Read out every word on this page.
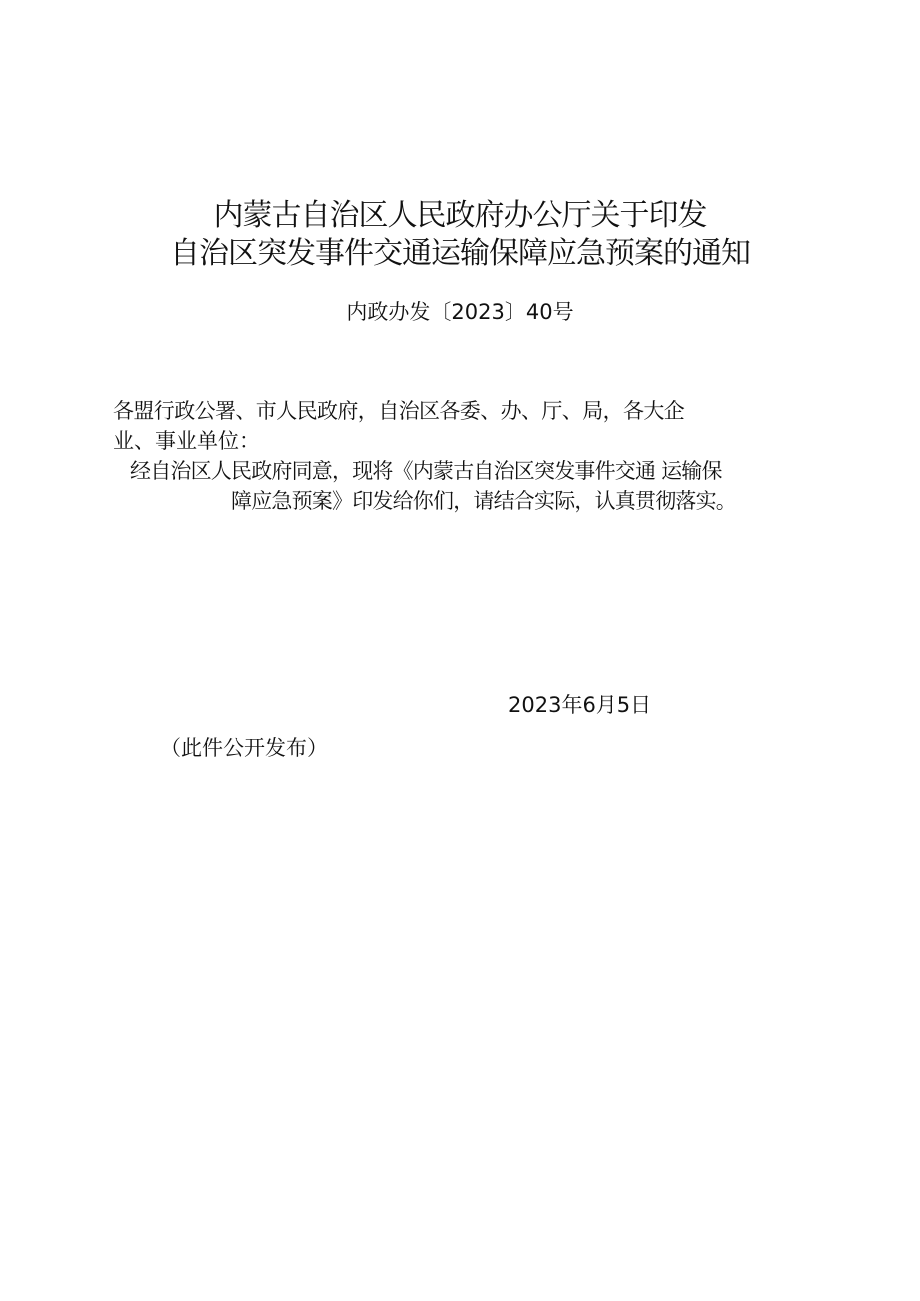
内蒙古自治区人民政府办公厅关于印发
自治区突发事件交通运输保障应急预案的通知
内政办发〔2023〕40号
各盟行政公署、市人民政府，自治区各委、办、厅、局，各大企
业、事业单位：
经自治区人民政府同意，现将《内蒙古自治区突发事件交通 运输保
障应急预案》印发给你们，请结合实际，认真贯彻落实。
2023年6月5日
（此件公开发布）
